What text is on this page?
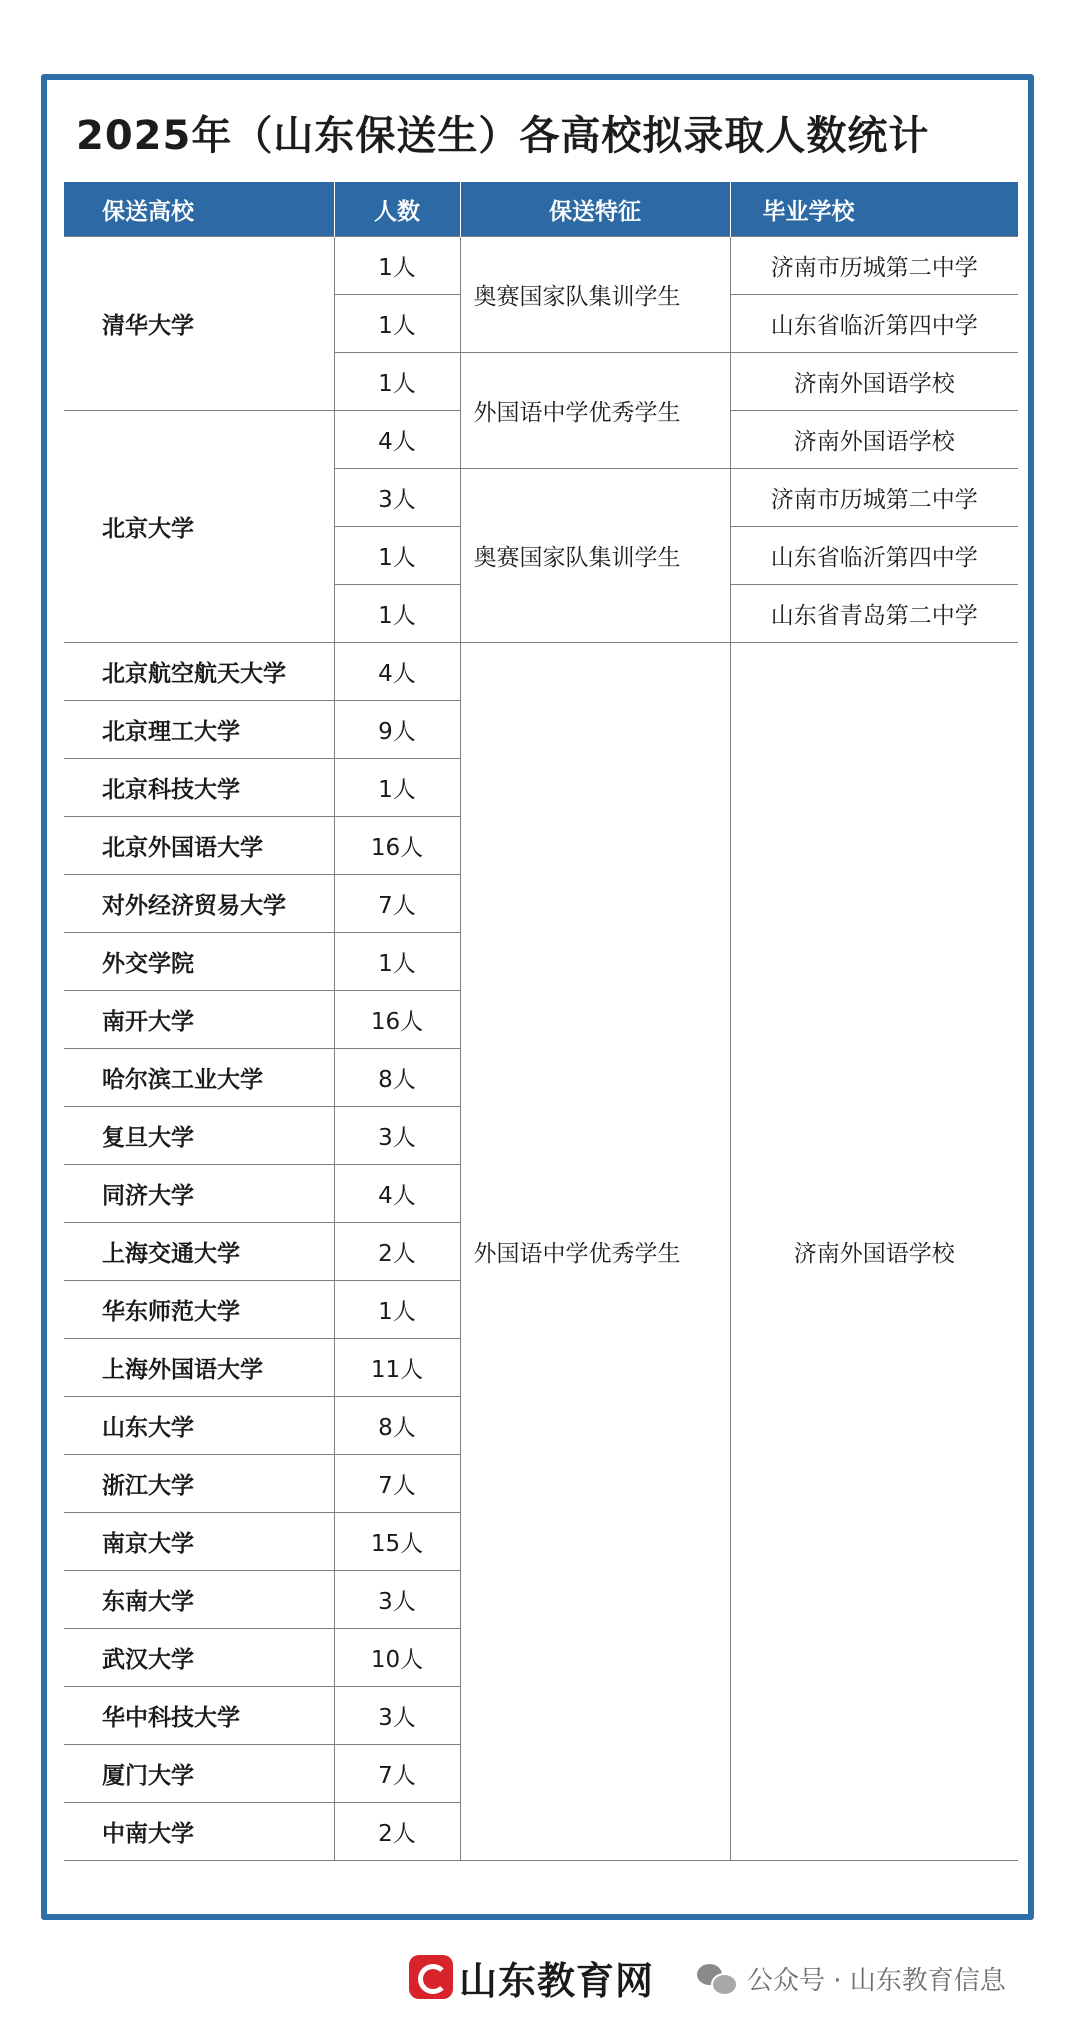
2025年（山东保送生）各高校拟录取人数统计
保送高校	人数	保送特征	毕业学校
清华大学	1人	奥赛国家队集训学生	济南市历城第二中学
	1人		山东省临沂第四中学
	1人	外国语中学优秀学生	济南外国语学校
北京大学	4人		济南外国语学校
	3人	奥赛国家队集训学生	济南市历城第二中学
	1人		山东省临沂第四中学
	1人		山东省青岛第二中学
北京航空航天大学	4人	外国语中学优秀学生	济南外国语学校
北京理工大学	9人		
北京科技大学	1人		
北京外国语大学	16人		
对外经济贸易大学	7人		
外交学院	1人		
南开大学	16人		
哈尔滨工业大学	8人		
复旦大学	3人		
同济大学	4人		
上海交通大学	2人		
华东师范大学	1人		
上海外国语大学	11人		
山东大学	8人		
浙江大学	7人		
南京大学	15人		
东南大学	3人		
武汉大学	10人		
华中科技大学	3人		
厦门大学	7人		
中南大学	2人		
山东教育网	公众号 · 山东教育信息
